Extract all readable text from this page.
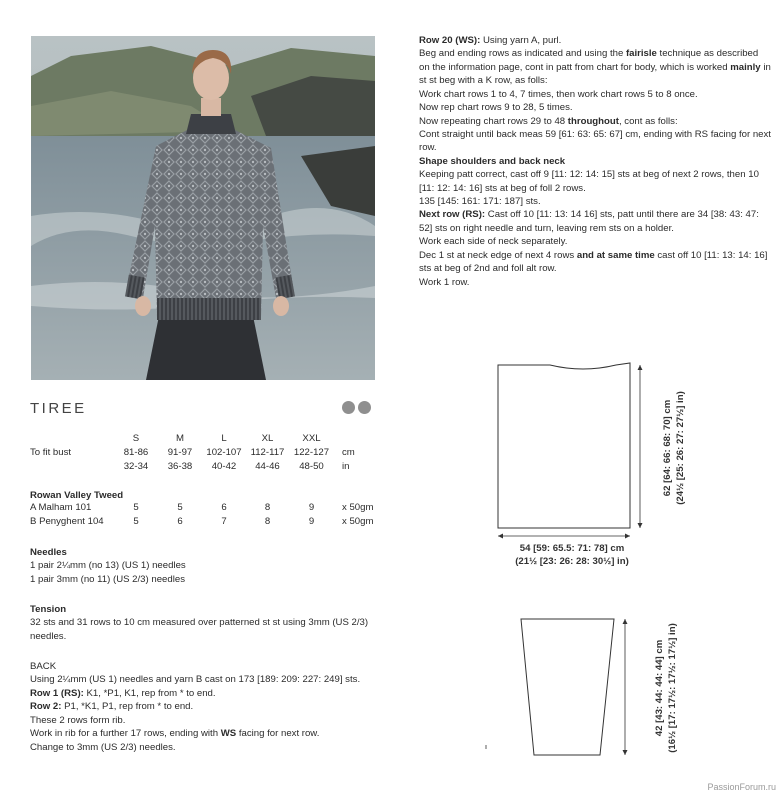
TIREE
	S	M	L	XL	XXL	
To fit bust	81-86	91-97	102-107	112-117	122-127	cm
	32-34	36-38	40-42	44-46	48-50	in
Rowan Valley Tweed
A Malham 101	5	5	6	8	9	x 50gm
B Penyghent 104	5	6	7	8	9	x 50gm
Needles
1 pair 2¼mm (no 13) (US 1) needles
1 pair 3mm (no 11) (US 2/3) needles
Tension
32 sts and 31 rows to 10 cm measured over patterned st st using 3mm (US 2/3) needles.
BACK
Using 2¼mm (US 1) needles and yarn B cast on 173 [189: 209: 227: 249] sts.
Row 1 (RS): K1, *P1, K1, rep from * to end.
Row 2: P1, *K1, P1, rep from * to end.
These 2 rows form rib.
Work in rib for a further 17 rows, ending with WS facing for next row.
Change to 3mm (US 2/3) needles.

Row 20 (WS): Using yarn A, purl.

Beg and ending rows as indicated and using the fairisle technique as described on the information page, cont in patt from chart for body, which is worked mainly in st st beg with a K row, as folls:

Work chart rows 1 to 4, 7 times, then work chart rows 5 to 8 once.

Now rep chart rows 9 to 28, 5 times.

Now repeating chart rows 29 to 48 throughout, cont as folls:

Cont straight until back meas 59 [61: 63: 65: 67] cm, ending with RS facing for next row.

Shape shoulders and back neck

Keeping patt correct, cast off 9 [11: 12: 14: 15] sts at beg of next 2 rows, then 10 [11: 12: 14: 16] sts at beg of foll 2 rows.

135 [145: 161: 171: 187] sts.

Next row (RS): Cast off 10 [11: 13: 14 16] sts, patt until there are 34 [38: 43: 47: 52] sts on right needle and turn, leaving rem sts on a holder.

Work each side of neck separately.

Dec 1 st at neck edge of next 4 rows and at same time cast off 10 [11: 13: 14: 16] sts at beg of 2nd and foll alt row.

Work 1 row.

54 [59: 65.5: 71: 78] cm
(21½ [23: 26: 28: 30½] in)
62 [64: 66: 68: 70] cm (24½ [25: 26: 27: 27½] in)
42 [43: 44: 44: 44] cm (16½ [17: 17½: 17½: 17½] in)
PassionForum.ru
